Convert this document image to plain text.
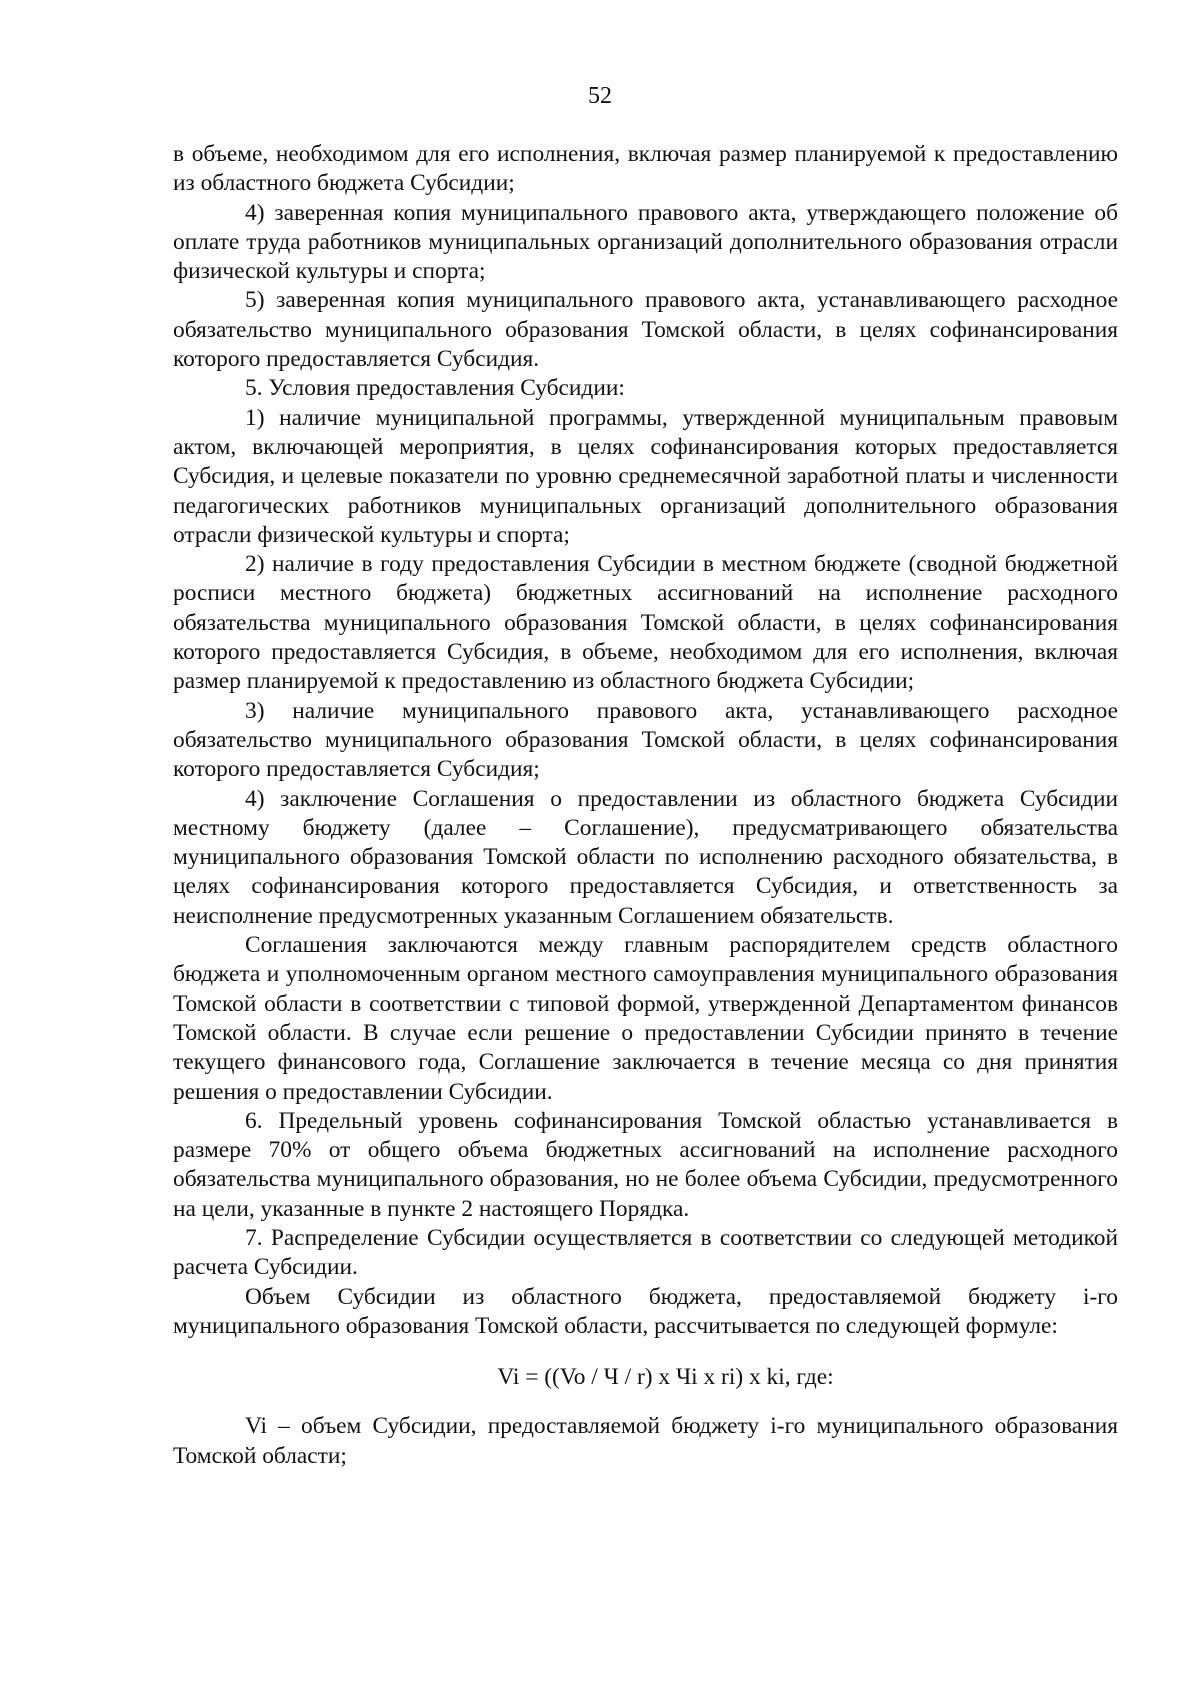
52

в объеме, необходимом для его исполнения, включая размер планируемой к предоставлению из областного бюджета Субсидии;

4) заверенная копия муниципального правового акта, утверждающего положение об оплате труда работников муниципальных организаций дополнительного образования отрасли физической культуры и спорта;

5) заверенная копия муниципального правового акта, устанавливающего расходное обязательство муниципального образования Томской области, в целях софинансирования которого предоставляется Субсидия.

5. Условия предоставления Субсидии:

1) наличие муниципальной программы, утвержденной муниципальным правовым актом, включающей мероприятия, в целях софинансирования которых предоставляется Субсидия, и целевые показатели по уровню среднемесячной заработной платы и численности педагогических работников муниципальных организаций дополнительного образования отрасли физической культуры и спорта;

2) наличие в году предоставления Субсидии в местном бюджете (сводной бюджетной росписи местного бюджета) бюджетных ассигнований на исполнение расходного обязательства муниципального образования Томской области, в целях софинансирования которого предоставляется Субсидия, в объеме, необходимом для его исполнения, включая размер планируемой к предоставлению из областного бюджета Субсидии;

3) наличие муниципального правового акта, устанавливающего расходное обязательство муниципального образования Томской области, в целях софинансирования которого предоставляется Субсидия;

4) заключение Соглашения о предоставлении из областного бюджета Субсидии местному бюджету (далее – Соглашение), предусматривающего обязательства муниципального образования Томской области по исполнению расходного обязательства, в целях софинансирования которого предоставляется Субсидия, и ответственность за неисполнение предусмотренных указанным Соглашением обязательств.

Соглашения заключаются между главным распорядителем средств областного бюджета и уполномоченным органом местного самоуправления муниципального образования Томской области в соответствии с типовой формой, утвержденной Департаментом финансов Томской области. В случае если решение о предоставлении Субсидии принято в течение текущего финансового года, Соглашение заключается в течение месяца со дня принятия решения о предоставлении Субсидии.

6. Предельный уровень софинансирования Томской областью устанавливается в размере 70% от общего объема бюджетных ассигнований на исполнение расходного обязательства муниципального образования, но не более объема Субсидии, предусмотренного на цели, указанные в пункте 2 настоящего Порядка.

7. Распределение Субсидии осуществляется в соответствии со следующей методикой расчета Субсидии.

Объем Субсидии из областного бюджета, предоставляемой бюджету i-го муниципального образования Томской области, рассчитывается по следующей формуле:

Vi = ((Vo / Ч / r) x Чi x ri) x ki, где:

Vi – объем Субсидии, предоставляемой бюджету i-го муниципального образования Томской области;
